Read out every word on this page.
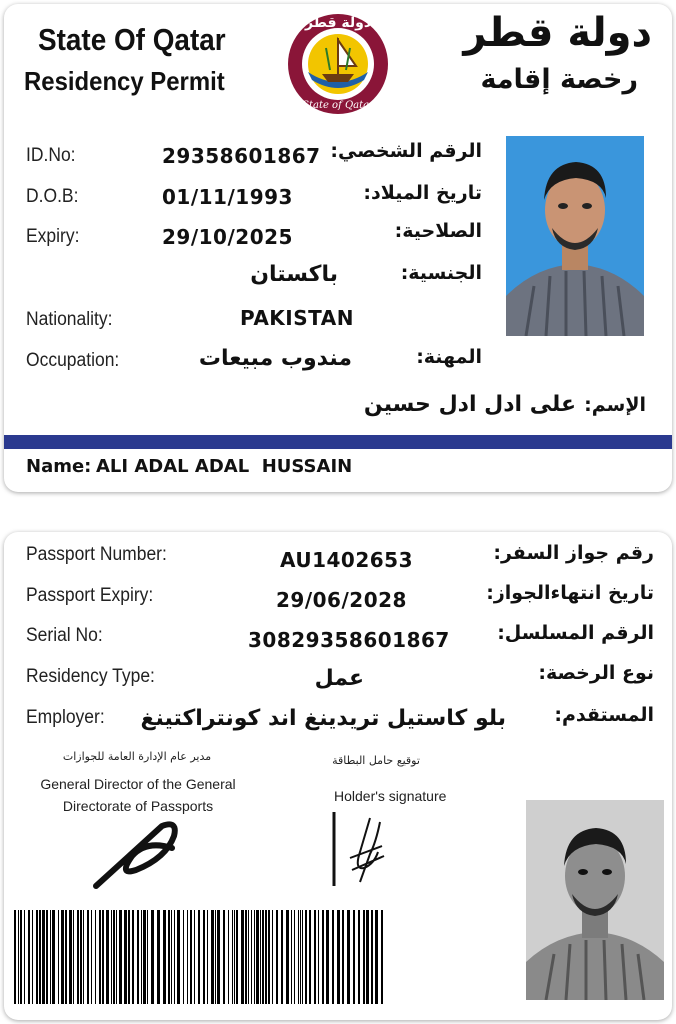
State Of Qatar
Residency Permit
دولة قطر
State of Qatar
دولة قطر
رخصة إقامة
ID.No:	29358601867 الرقم الشخصي:
D.O.B:	01/11/1993	تاريخ الميلاد:
Expiry:	29/10/2025	الصلاحية:
باكستان	الجنسية:
Nationality:	PAKISTAN
Occupation:	مندوب مبيعات	المهنة:
على ادل ادل حسين الإسم:
Name: ALI ADAL ADAL  HUSSAIN
Passport Number:	AU1402653	رقم جواز السفر:
Passport Expiry:	29/06/2028	تاريخ انتهاءالجواز:
Serial No:	30829358601867 الرقم المسلسل:
Residency Type:	عمل	نوع الرخصة:
Employer: بلو كاستيل تريدينغ اند كونتراكتينغ	المستقدم:
مدير عام الإدارة العامة للجوازات
General Director of the General
Directorate of Passports
توقيع حامل البطاقة
Holder's signature
